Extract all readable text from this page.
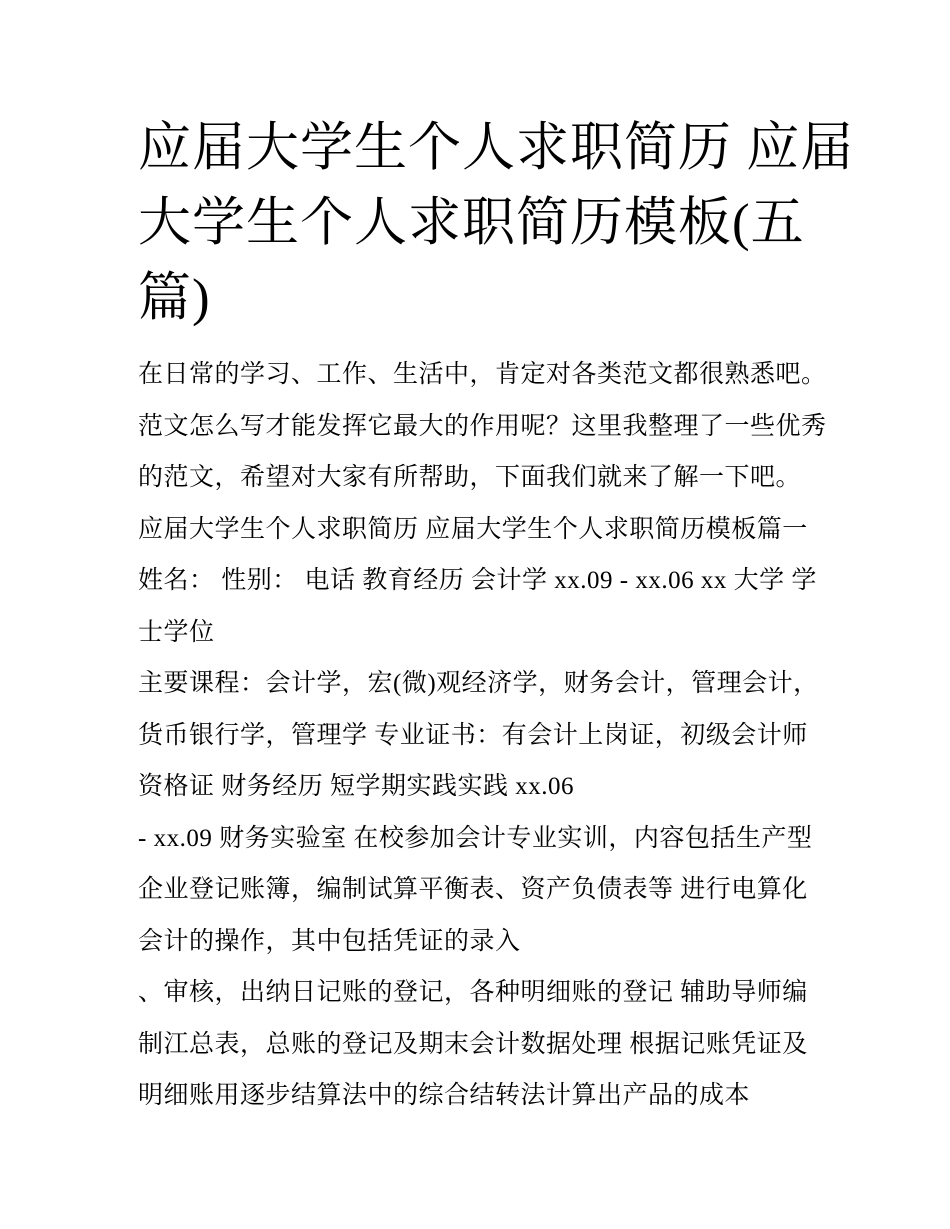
应届大学生个人求职简历 应届
大学生个人求职简历模板(五
篇)
在日常的学习、工作、生活中，肯定对各类范文都很熟悉吧。
范文怎么写才能发挥它最大的作用呢？这里我整理了一些优秀
的范文，希望对大家有所帮助，下面我们就来了解一下吧。
应届大学生个人求职简历 应届大学生个人求职简历模板篇一
姓名： 性别： 电话 教育经历 会计学 xx.09 - xx.06 xx 大学 学
士学位
主要课程：会计学，宏(微)观经济学，财务会计，管理会计，
货币银行学，管理学 专业证书：有会计上岗证，初级会计师
资格证 财务经历 短学期实践实践 xx.06
- xx.09 财务实验室 在校参加会计专业实训，内容包括生产型
企业登记账簿，编制试算平衡表、资产负债表等 进行电算化
会计的操作，其中包括凭证的录入
、审核，出纳日记账的登记，各种明细账的登记 辅助导师编
制江总表，总账的登记及期末会计数据处理 根据记账凭证及
明细账用逐步结算法中的综合结转法计算出产品的成本
